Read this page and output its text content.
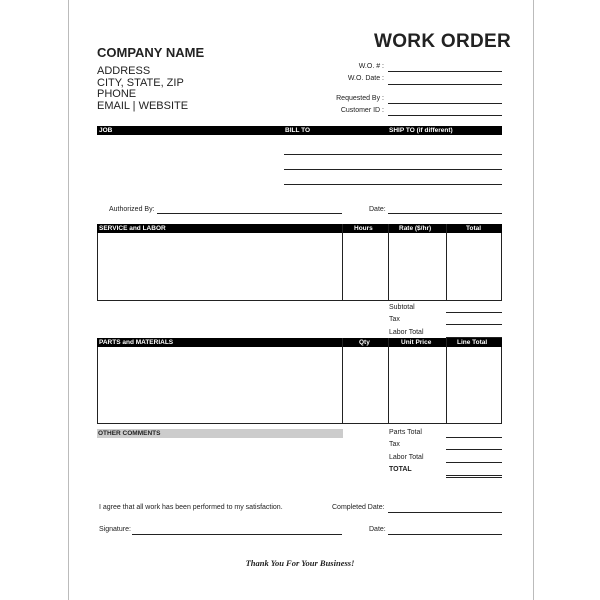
WORK ORDER
COMPANY NAME
ADDRESS
CITY, STATE, ZIP
PHONE
EMAIL | WEBSITE
W.O. # :
W.O. Date :
Requested By :
Customer ID :
JOB	BILL TO	SHIP TO (if different)
Authorized By:	Date:
SERVICE and LABOR	Hours	Rate ($/hr)	Total
Subtotal
Tax
Labor Total
PARTS and MATERIALS	Qty	Unit Price	Line Total
OTHER COMMENTS	Parts Total
Tax
Labor Total
TOTAL
I agree that all work has been performed to my satisfaction.	Completed Date:
Signature:	Date:
Thank You For Your Business!
